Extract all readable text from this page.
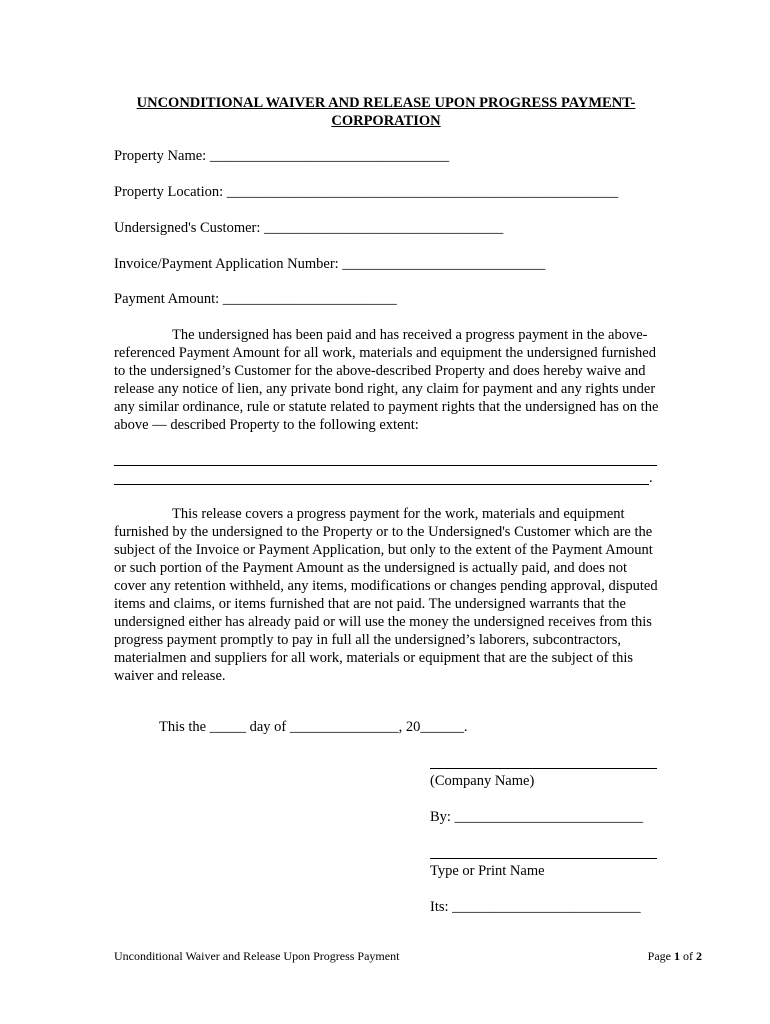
UNCONDITIONAL WAIVER AND RELEASE UPON PROGRESS PAYMENT-
CORPORATION
Property Name: _________________________________
Property Location: ______________________________________________________
Undersigned's Customer: _________________________________
Invoice/Payment Application Number: ____________________________
Payment Amount: ________________________
The undersigned has been paid and has received a progress payment in the above-referenced Payment Amount for all work, materials and equipment the undersigned furnished to the undersigned’s Customer for the above-described Property and does hereby waive and release any notice of lien, any private bond right, any claim for payment and any rights under any similar ordinance, rule or statute related to payment rights that the undersigned has on the above — described Property to the following extent:
.
This release covers a progress payment for the work, materials and equipment furnished by the undersigned to the Property or to the Undersigned's Customer which are the subject of the Invoice or Payment Application, but only to the extent of the Payment Amount or such portion of the Payment Amount as the undersigned is actually paid, and does not cover any retention withheld, any items, modifications or changes pending approval, disputed items and claims, or items furnished that are not paid. The undersigned warrants that the undersigned either has already paid or will use the money the undersigned receives from this progress payment promptly to pay in full all the undersigned’s laborers, subcontractors, materialmen and suppliers for all work, materials or equipment that are the subject of this waiver and release.
This the _____ day of _______________, 20______.
(Company Name)
By: __________________________
Type or Print Name
Its: __________________________
Unconditional Waiver and Release Upon Progress Payment	Page 1 of 2
